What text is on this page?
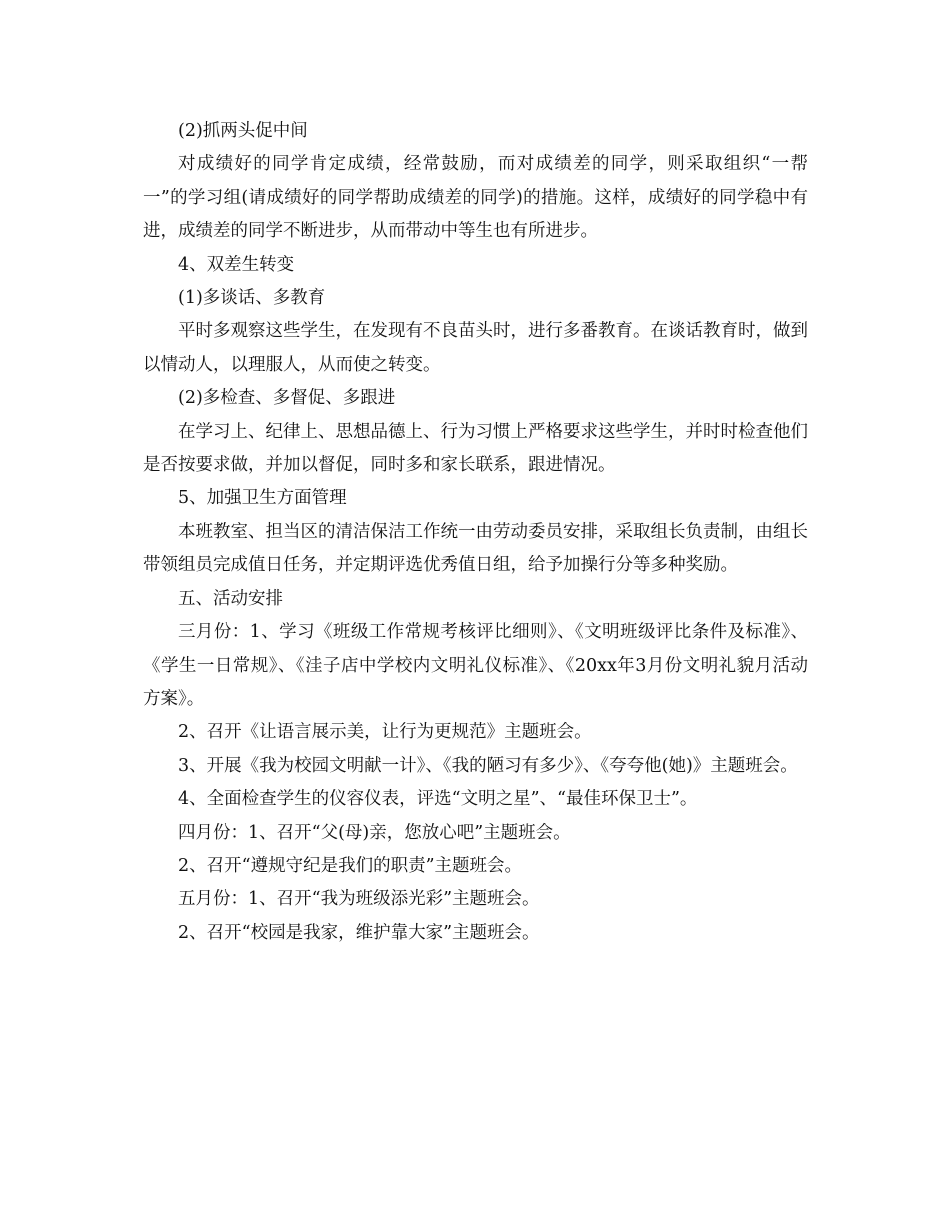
(2)抓两头促中间

对成绩好的同学肯定成绩，经常鼓励，而对成绩差的同学，则采取组织“一帮一”的学习组(请成绩好的同学帮助成绩差的同学)的措施。这样，成绩好的同学稳中有进，成绩差的同学不断进步，从而带动中等生也有所进步。

4、双差生转变

(1)多谈话、多教育

平时多观察这些学生，在发现有不良苗头时，进行多番教育。在谈话教育时，做到以情动人，以理服人，从而使之转变。

(2)多检查、多督促、多跟进

在学习上、纪律上、思想品德上、行为习惯上严格要求这些学生，并时时检查他们是否按要求做，并加以督促，同时多和家长联系，跟进情况。

5、加强卫生方面管理

本班教室、担当区的清洁保洁工作统一由劳动委员安排，采取组长负责制，由组长带领组员完成值日任务，并定期评选优秀值日组，给予加操行分等多种奖励。

五、活动安排

三月份：1、学习《班级工作常规考核评比细则》、《文明班级评比条件及标准》、《学生一日常规》、《洼子店中学校内文明礼仪标准》、《20xx年3月份文明礼貌月活动方案》。

2、召开《让语言展示美，让行为更规范》主题班会。

3、开展《我为校园文明献一计》、《我的陋习有多少》、《夸夸他(她)》主题班会。

4、全面检查学生的仪容仪表，评选“文明之星”、“最佳环保卫士”。

四月份：1、召开“父(母)亲，您放心吧”主题班会。

2、召开“遵规守纪是我们的职责”主题班会。

五月份：1、召开“我为班级添光彩”主题班会。

2、召开“校园是我家，维护靠大家”主题班会。
